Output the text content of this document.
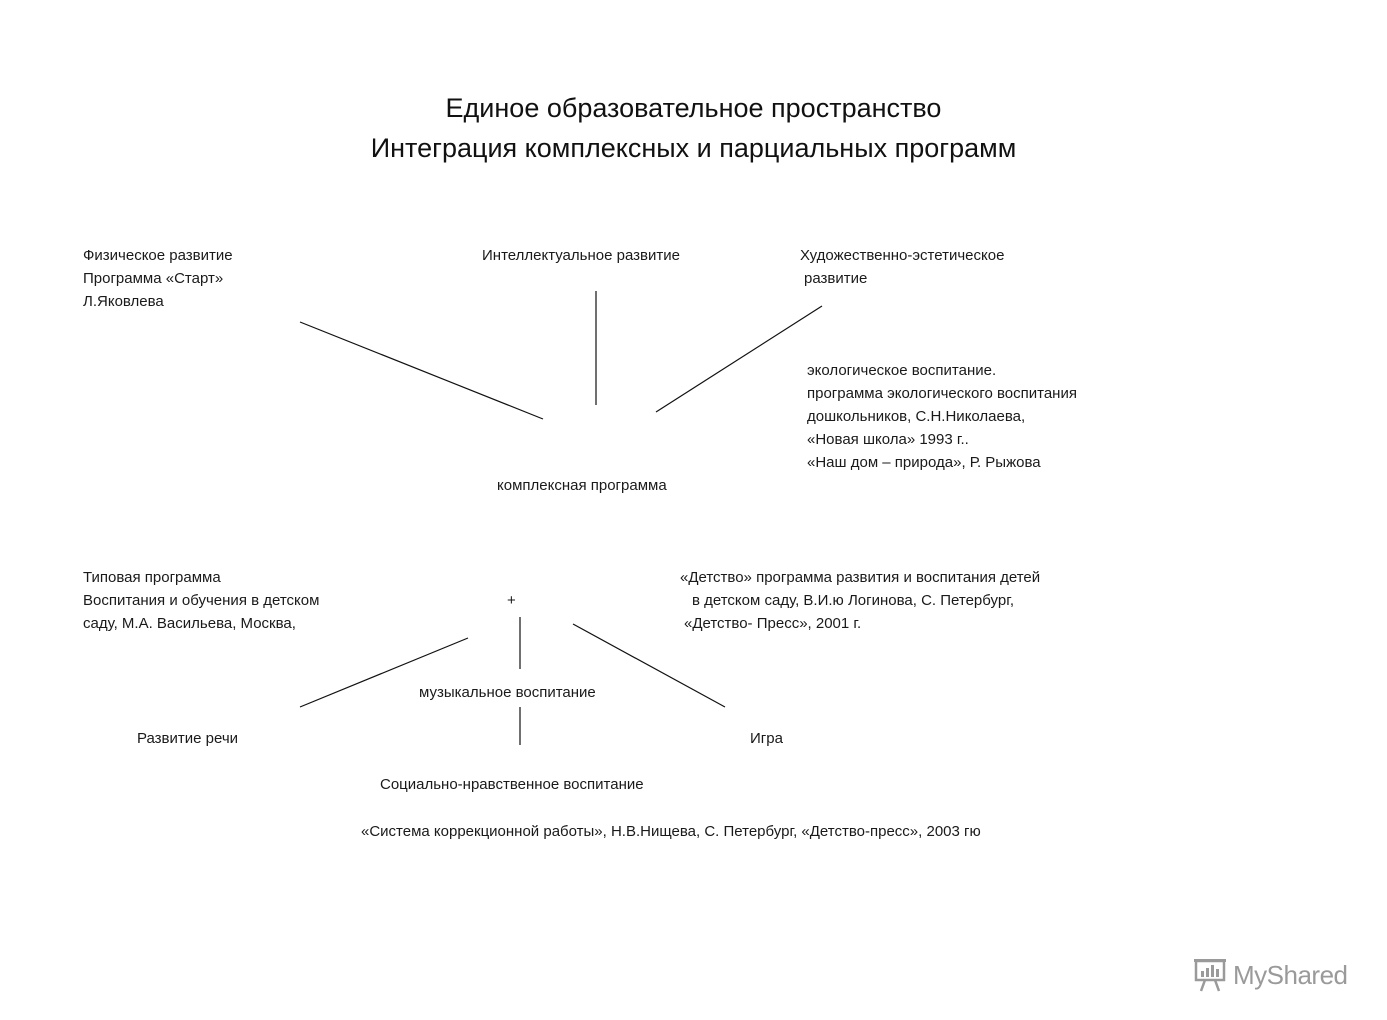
Единое образовательное пространство
Интеграция комплексных и парциальных программ
Физическое развитие
Программа «Старт»
Л.Яковлева
Интеллектуальное развитие	Художественно-эстетическое
развитие
экологическое воспитание.
программа экологического воспитания
дошкольников, С.Н.Николаева,
«Новая школа» 1993 г..
«Наш дом – природа», Р. Рыжова
комплексная программа
Типовая программа
Воспитания и обучения в детском
саду, М.А. Васильева, Москва,
+
«Детство» программа развития и воспитания детей
в детском саду, В.И.ю Логинова, С. Петербург,
«Детство- Пресс», 2001 г.
музыкальное воспитание
Развитие речи	Игра
Социально-нравственное воспитание
«Система коррекционной работы», Н.В.Нищева, С. Петербург, «Детство-пресс», 2003 гю
MyShared
